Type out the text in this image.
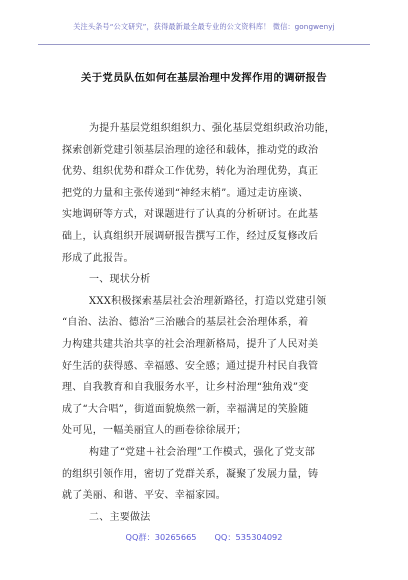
关注头条号“公文研究”，获得最新最全最专业的公文资料库！ 微信：gongwenyj
关于党员队伍如何在基层治理中发挥作用的调研报告
为提升基层党组织组织力、强化基层党组织政治功能，
探索创新党建引领基层治理的途径和载体，推动党的政治
优势、组织优势和群众工作优势，转化为治理优势，真正
把党的力量和主张传递到“神经末梢”。通过走访座谈、
实地调研等方式，对课题进行了认真的分析研讨。在此基
础上，认真组织开展调研报告撰写工作，经过反复修改后
形成了此报告。
一、现状分析
XXX积极探索基层社会治理新路径，打造以党建引领
“自治、法治、德治”三治融合的基层社会治理体系，着
力构建共建共治共享的社会治理新格局，提升了人民对美
好生活的获得感、幸福感、安全感；通过提升村民自我管
理、自我教育和自我服务水平，让乡村治理“独角戏”变
成了“大合唱”，街道面貌焕然一新，幸福满足的笑脸随
处可见，一幅美丽宜人的画卷徐徐展开；
构建了“党建＋社会治理”工作模式，强化了党支部
的组织引领作用，密切了党群关系，凝聚了发展力量，铸
就了美丽、和谐、平安、幸福家园。
二、主要做法
QQ群：30265665 QQ：535304092
